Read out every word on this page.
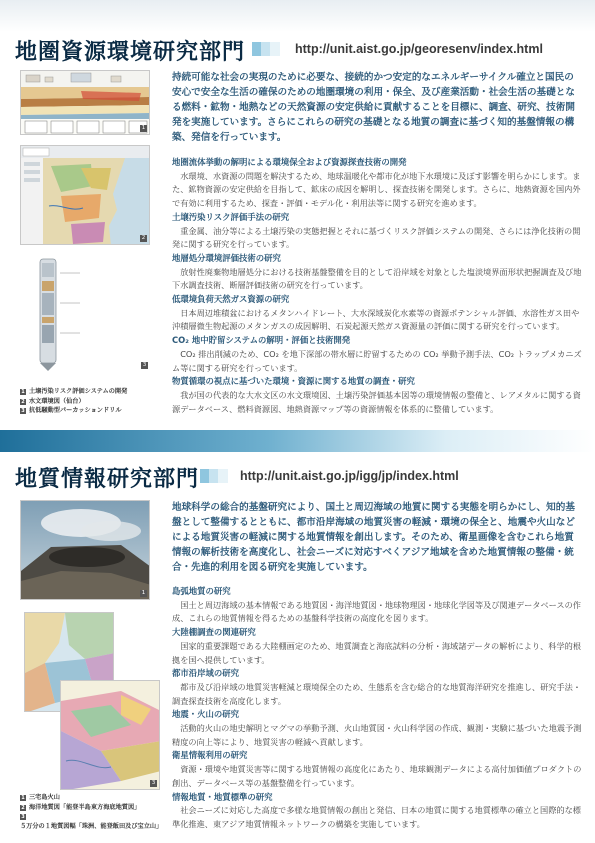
地圏資源環境研究部門	http://unit.aist.go.jp/georesenv/index.html
1
2
3
1 土壌汚染リスク評価システムの開発
2 水文環境図（仙台）
3 抗低騒動型パーカッションドリル
持続可能な社会の実現のために必要な、接続的かつ安定的なエネルギーサイクル確立と国民の安心で安全な生活の確保のための地圏環境の利用・保全、及び産業活動・社会生活の基礎となる燃料・鉱物・地熱などの天然資源の安定供給に貢献することを目標に、調査、研究、技術開発を実施しています。さらにこれらの研究の基礎となる地質の調査に基づく知的基盤情報の構築、発信を行っています。
地圏流体挙動の解明による環境保全および資源探査技術の開発
水環境、水資源の問題を解決するため、地球温暖化や都市化が地下水環境に及ぼす影響を明らかにします。また、鉱物資源の安定供給を目指して、鉱床の成因を解明し、探査技術を開発します。さらに、地熱資源を国内外で有効に利用するため、探査・評価・モデル化・利用法等に関する研究を進めます。
土壌汚染リスク評価手法の研究
重金属、油分等による土壌汚染の実態把握とそれに基づくリスク評価システムの開発、さらには浄化技術の開発に関する研究を行っています。
地層処分環境評価技術の研究
放射性廃棄物地層処分における技術基盤整備を目的として沿岸域を対象とした塩淡境界面形状把握調査及び地下水調査技術、断層評価技術の研究を行っています。
低環境負荷天然ガス資源の研究
日本周辺堆積盆におけるメタンハイドレート、大水深域炭化水素等の資源ポテンシャル評価、水溶性ガス田や沖積層微生物起源のメタンガスの成因解明、石炭起源天然ガス資源量の評価に関する研究を行っています。
CO₂ 地中貯留システムの解明・評価と技術開発
CO₂ 排出削減のため、CO₂ を地下深部の帯水層に貯留するための CO₂ 挙動予測手法、CO₂ トラップメカニズム等に関する研究を行っています。
物質循環の視点に基づいた環境・資源に関する地質の調査・研究
我が国の代表的な大水文区の水文環境図、土壌汚染評価基本図等の環境情報の整備と、レアメタルに関する資源データベース、燃料資源図、地熱資源マップ等の資源情報を体系的に整備しています。
地質情報研究部門	http://unit.aist.go.jp/igg/jp/index.html
1
3
1 三宅島火山
2 海洋地質図「能登半島東方海底地質図」
3５万分の１地質図幅「珠洲、能登飯田及び宝立山」
地球科学の総合的基盤研究により、国土と周辺海域の地質に関する実態を明らかにし、知的基盤として整備するとともに、都市沿岸海域の地質災害の軽減・環境の保全と、地震や火山などによる地質災害の軽減に関する地質情報を創出します。そのため、衛星画像を含むこれら地質情報の解析技術を高度化し、社会ニーズに対応すべくアジア地域を含めた地質情報の整備・統合・先進的利用を図る研究を実施しています。
島弧地質の研究
国土と周辺海域の基本情報である地質図・海洋地質図・地球物理図・地球化学図等及び関連データベースの作成、これらの地質情報を得るための基盤科学技術の高度化を図ります。
大陸棚調査の関連研究
国家的重要課題である大陸棚画定のため、地質調査と海底試料の分析・海域諸データの解析により、科学的根拠を国へ提供しています。
都市沿岸域の研究
都市及び沿岸域の地質災害軽減と環境保全のため、生態系を含む総合的な地質海洋研究を推進し、研究手法・調査探査技術を高度化します。
地震・火山の研究
活動的火山の地史解明とマグマの挙動予測、火山地質図・火山科学図の作成、観測・実験に基づいた地震予測精度の向上等により、地質災害の軽減へ貢献します。
衛星情報利用の研究
資源・環境や地質災害等に関する地質情報の高度化にあたり、地球観測データによる高付加価値プロダクトの創出、データベース等の基盤整備を行っています。
情報地質・地質標準の研究
社会ニーズに対応した高度で多様な地質情報の創出と発信、日本の地質に関する地質標準の確立と国際的な標準化推進、東アジア地質情報ネットワークの構築を実施しています。
